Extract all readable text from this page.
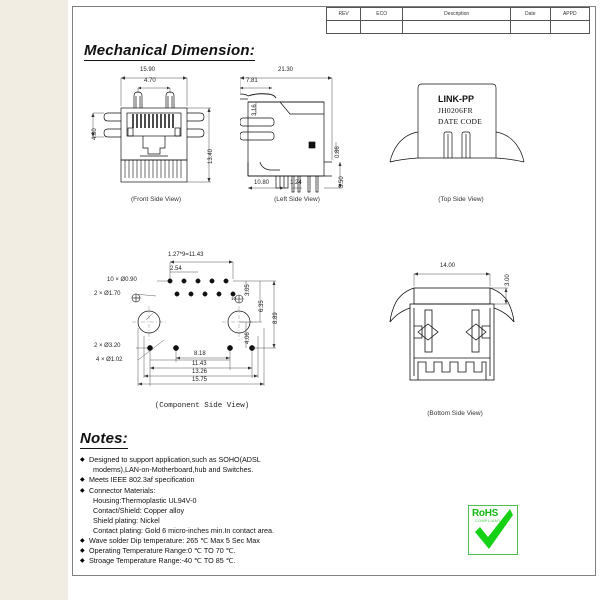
REV	ECO	Description	Date	APPD

Mechanical Dimension:
15.90
4.70
4.80
13.40
(Front Side View)
21.30
7.81
3.16
0.86
3.50
10.80	1.24
(Left Side View)
LINK-PP
JH0206FR
DATE CODE
(Top Side View)
1.27*9=11.43
2.54
10 × Ø0.90
2 × Ø1.70
2 × Ø3.20
4 × Ø1.02
10
3.05
6.35
8.89
4.06
8.18
11.43
13.26
15.75
(Component Side View)
14.00
3.00
(Bottom Side View)
Notes:
◆ Designed to support application,such as SOHO(ADSL
modems),LAN-on-Motherboard,hub and Switches.
◆ Meets IEEE 802.3af specification
◆ Connector Materials:
Housing:Thermoplastic UL94V-0
Contact/Shield: Copper alloy
Shield plating: Nickel
Contact plating: Gold 6 micro-inches min.In contact area.
◆ Wave solder Dip temperature: 265 ℃ Max 5 Sec Max
◆ Operating Temperature Range:0 ℃ TO 70 ℃.
◆ Stroage Temperature Range:-40 ℃ TO 85 ℃.
RoHS
COMPLIANT
